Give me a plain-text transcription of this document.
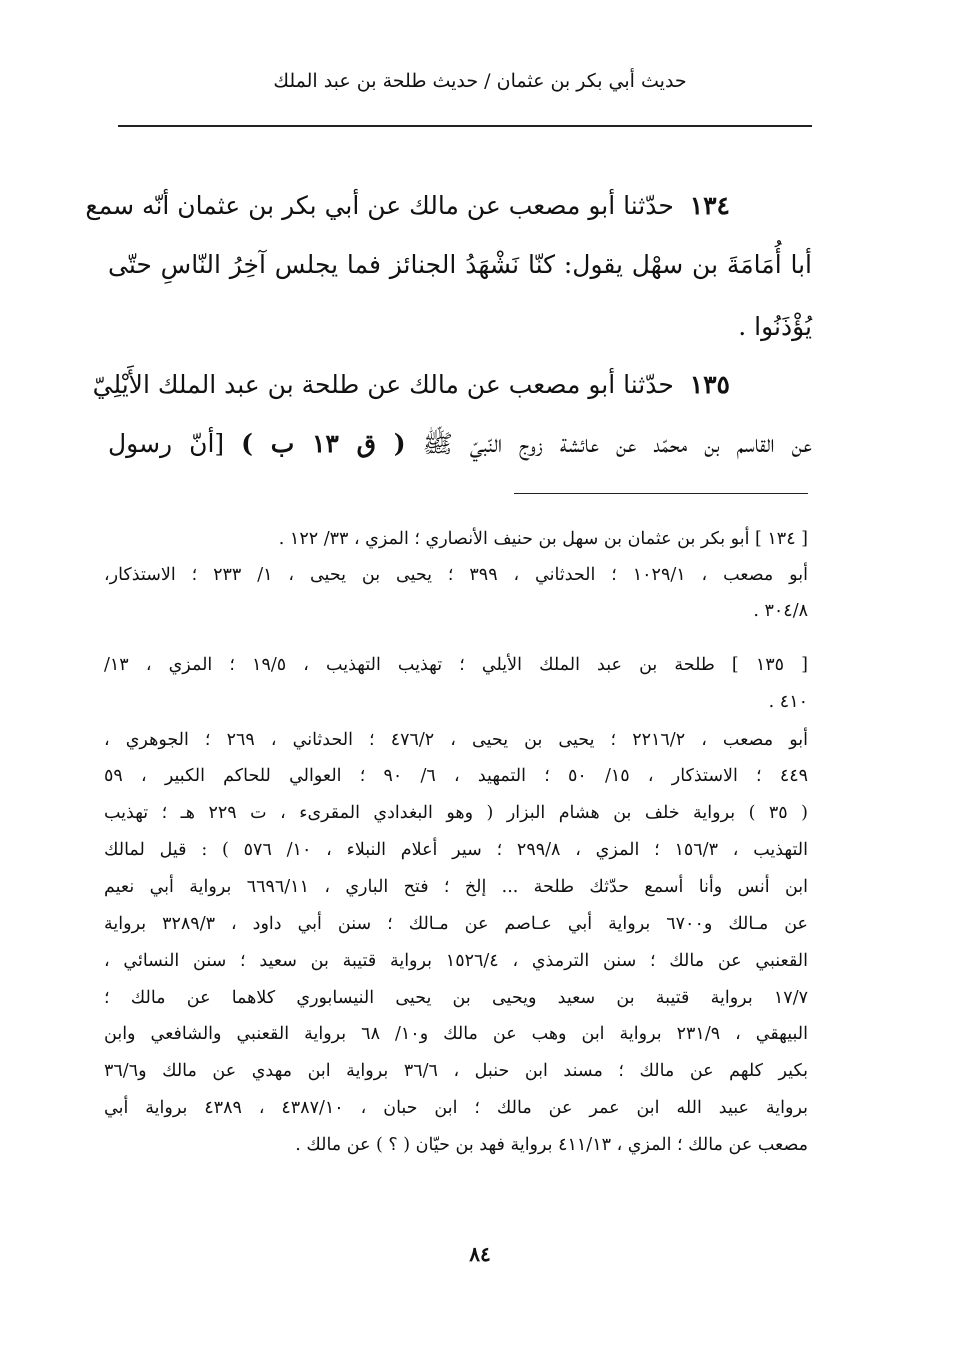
حديث أبي بكر بن عثمان / حديث طلحة بن عبد الملك
١٣٤  حدّثنا أبو مصعب عن مالك عن أبي بكر بن عثمان أنّه سمع
أبا أُمَامَةَ بن سهْل يقول: كنّا نَشْهَدُ الجنائز فما يجلس آخِرُ النّاسِ حتّى
يُؤْذَنُوا .
١٣٥  حدّثنا أبو مصعب عن مالك عن طلحة بن عبد الملك الأَيْلِيّ
عن القاسم بن محمّد عن عائشة زوج النّبيّ ﷺ ( ق ١٣ ب ) [أنّ رسول
[ ١٣٤ ] أبو بكر بن عثمان بن سهل بن حنيف الأنصاري ؛ المزي ، ٣٣/ ١٢٢ .
أبو مصعب ، ١٠٢٩/١ ؛ الحدثاني ، ٣٩٩ ؛ يحيى بن يحيى ، ١/ ٢٣٣ ؛ الاستذكار،
٣٠٤/٨ .
[ ١٣٥ ] طلحة بن عبد الملك الأيلي ؛ تهذيب التهذيب ، ١٩/٥ ؛ المزي ، ١٣/
٤١٠ .
أبو مصعب ، ٢٢١٦/٢ ؛ يحيى بن يحيى ، ٤٧٦/٢ ؛ الحدثاني ، ٢٦٩ ؛ الجوهري ،
٤٤٩ ؛ الاستذكار ، ١٥/ ٥٠ ؛ التمهيد ، ٦/ ٩٠ ؛ العوالي للحاكم الكبير ، ٥٩
( ٣٥ ) برواية خلف بن هشام البزار ( وهو البغدادي المقرىء ، ت ٢٢٩ هـ ؛ تهذيب
التهذيب ، ١٥٦/٣ ؛ المزي ، ٢٩٩/٨ ؛ سير أعلام النبلاء ، ١٠/ ٥٧٦ ) : قيل لمالك
ابن أنس وأنا أسمع حدّثك طلحة ... إلخ ؛ فتح الباري ، ٦٦٩٦/١١ برواية أبي نعيم
عن مـالك و٦٧٠٠ برواية أبي عـاصم عن مـالك ؛ سنن أبي داود ، ٣٢٨٩/٣ برواية
القعنبي عن مالك ؛ سنن الترمذي ، ١٥٢٦/٤ برواية قتيبة بن سعيد ؛ سنن النسائي ،
١٧/٧ برواية قتيبة بن سعيد ويحيى بن يحيى النيسابوري كلاهما عن مالك ؛
البيهقي ، ٢٣١/٩ برواية ابن وهب عن مالك و١٠/ ٦٨ برواية القعنبي والشافعي وابن
بكير كلهم عن مالك ؛ مسند ابن حنبل ، ٣٦/٦ برواية ابن مهدي عن مالك و٣٦/٦
برواية عبيد الله ابن عمر عن مالك ؛ ابن حبان ، ٤٣٨٧/١٠ ، ٤٣٨٩ برواية أبي
مصعب عن مالك ؛ المزي ، ٤١١/١٣ برواية فهد بن حيّان ( ؟ ) عن مالك .
٨٤
